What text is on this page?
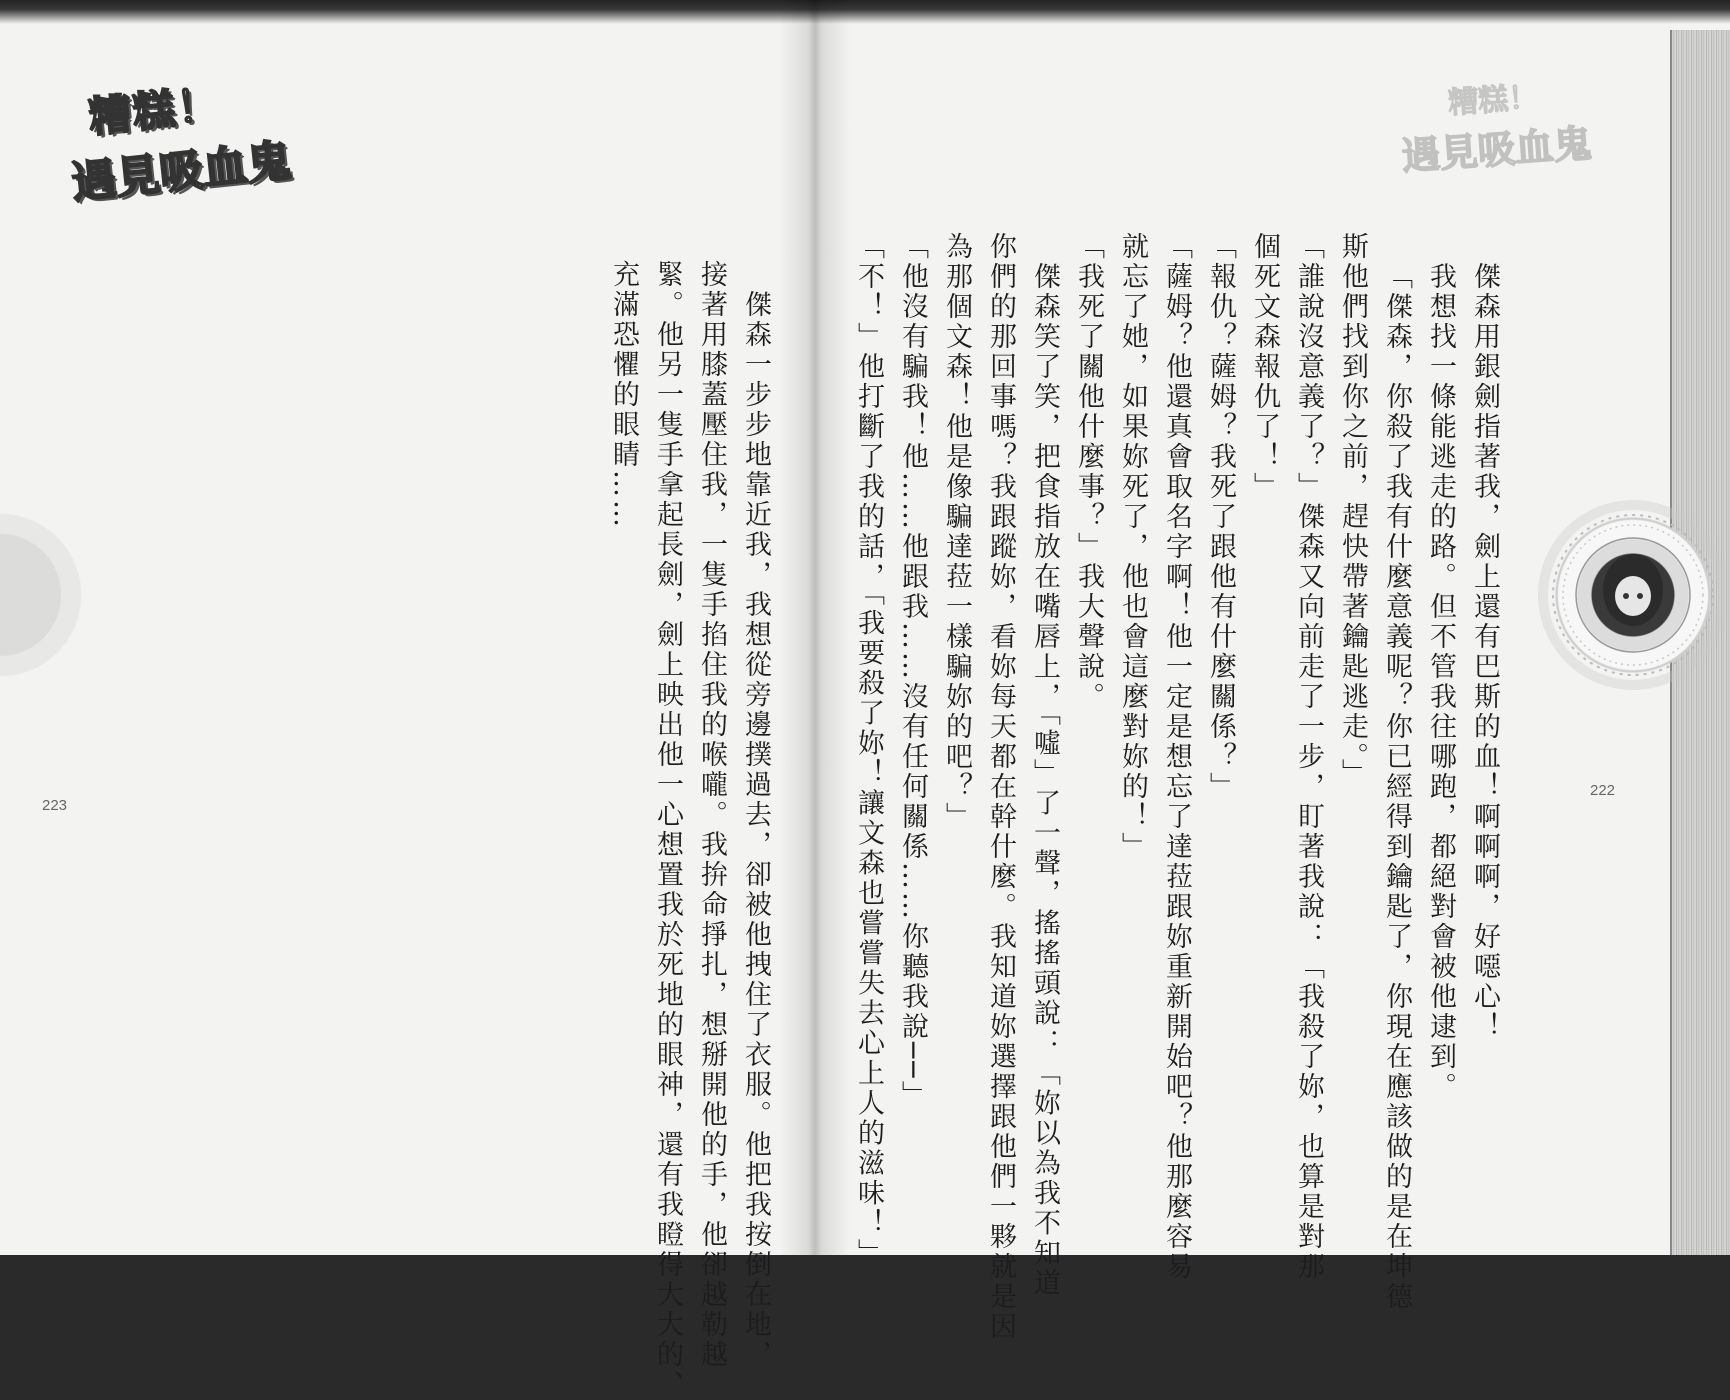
糟糕！
遇見吸血鬼
糟糕！
遇見吸血鬼
傑森用銀劍指著我，劍上還有巴斯的血！啊啊啊，好噁心！
我想找一條能逃走的路。但不管我往哪跑，都絕對會被他逮到。
「傑森，你殺了我有什麼意義呢？你已經得到鑰匙了，你現在應該做的是在坤德
斯他們找到你之前，趕快帶著鑰匙逃走。」
「誰說沒意義了？」傑森又向前走了一步，盯著我說：「我殺了妳，也算是對那
個死文森報仇了！」
「報仇？薩姆？我死了跟他有什麼關係？」
「薩姆？他還真會取名字啊！他一定是想忘了達菈跟妳重新開始吧？他那麼容易
就忘了她，如果妳死了，他也會這麼對妳的！」
「我死了關他什麼事？」我大聲說。
傑森笑了笑，把食指放在嘴唇上，「噓」了一聲，搖搖頭說：「妳以為我不知道
你們的那回事嗎？我跟蹤妳，看妳每天都在幹什麼。我知道妳選擇跟他們一夥就是因
為那個文森！他是像騙達菈一樣騙妳的吧？」
「他沒有騙我！他……他跟我……沒有任何關係……你聽我說──」
「不！」他打斷了我的話，「我要殺了妳！讓文森也嘗嘗失去心上人的滋味！」
傑森一步步地靠近我，我想從旁邊撲過去，卻被他拽住了衣服。他把我按倒在地，
接著用膝蓋壓住我，一隻手掐住我的喉嚨。我拚命掙扎，想掰開他的手，他卻越勒越
緊。他另一隻手拿起長劍，劍上映出他一心想置我於死地的眼神，還有我瞪得大大的、
充滿恐懼的眼睛……
223
222
